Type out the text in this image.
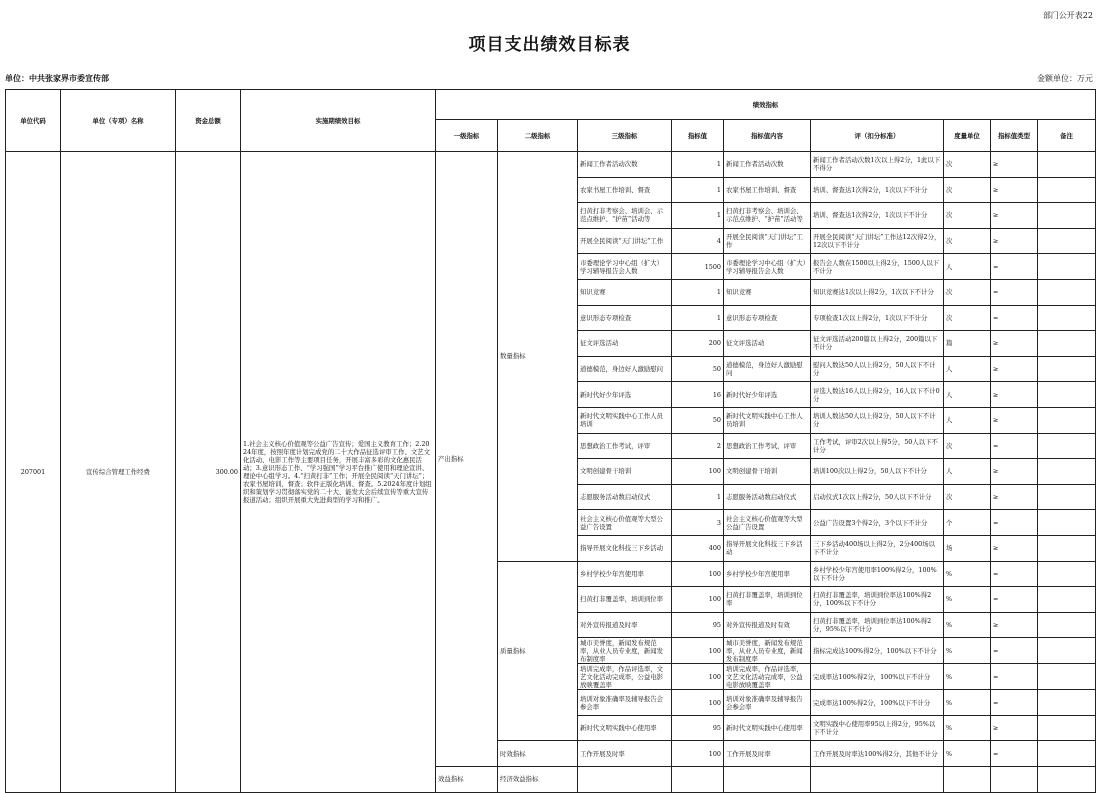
部门公开表22
项目支出绩效目标表
单位：中共张家界市委宣传部	金额单位：万元
单位代码	单位（专项）名称	资金总额	实施期绩效目标	绩效指标								
				一级指标	二级指标	三级指标	指标值	指标值内容	评（扣分标准）	度量单位	指标值类型	备注

207001	宣传综合管理工作经费	300.00	1.社会主义核心价值观等公益广告宣传；爱国主义教育工作；2.2024年度，按照年度计划完成党的二十大作品征选评审工作、文艺文化活动、电影工作等主要项目任务，开展丰富多彩的文化惠民活动；3.意识形态工作、“学习强国”学习平台推广使用和理论宣讲、理论中心组学习。4.“扫黄打非”工作；开展全民阅读“天门讲坛”；农家书屋培训、督查；软件正版化培训、督查。5.2024年度计划组织和策划学习贯彻落实党的二十大、能发大会后续宣传等重大宣传报道活动；组织开展重大先进典型的学习和推广。	产出指标	数量指标	新闻工作者活动次数	1	新闻工作者活动次数	新闻工作者活动次数1次以上得2分，1此以下不得分	次	≥	

						农家书屋工作培训、督查	1	农家书屋工作培训、督查	培训、督查达1次得2分，1次以下不计分	次	≥	

						扫黄打非考察会、培训会、示范点维护、“护苗”活动等	1	扫黄打非考察会、培训会、示范点维护、“护苗”活动等	培训、督查达1次得2分，1次以下不计分	次	≥	

						开展全民阅读“天门讲坛”工作	4	开展全民阅读“天门讲坛”工作	开展全民阅读“天门讲坛”工作达12次得2分，12次以下不计分	次	≥	

						市委理论学习中心组（扩大）学习辅导报告会人数	1500	市委理论学习中心组（扩大）学习辅导报告会人数	报告会人数在1500以上得2分，1500人以下不计分	人	=	

						知识竞赛	1	知识竞赛	知识竞赛达1次以上得2分，1次以下不计分	次	=	

						意识形态专项检查	1	意识形态专项检查	专项检查1次以上得2分，1次以下不计分	次	=	

						征文评选活动	200	征文评选活动	征文评选活动200篇以上得2分，200篇以下不计分	篇	≥	

						道德模范，身边好人激励慰问	50	道德模范，身边好人激励慰问	慰问人数达50人以上得2分，50人以下不计分	人	≥	

						新时代好少年评选	16	新时代好少年评选	评选人数达16人以上得2分，16人以下不计0分	人	≥	

						新时代文明实践中心工作人员培训	50	新时代文明实践中心工作人员培训	培训人数达50人以上得2分，50人以下不计分	人	≥	

						思想政治工作考试，评审	2	思想政治工作考试，评审	工作考试，评审2次以上得5分，50人以下不计分	次	=	

						文明创建骨干培训	100	文明创建骨干培训	培训100次以上得2分，50人以下不计分	人	≥	

						志愿服务活动数启动仪式	1	志愿服务活动数启动仪式	启动仪式1次以上得2分，50人以下不计分	次	≥	

						社会主义核心价值观等大型公益广告设置	3	社会主义核心价值观等大型公益广告设置	公益广告设置3个得2分，3个以下不计分	个	=	

						指导开展文化科技三下乡活动	400	指导开展文化科技三下乡活动	三下乡活动400场以上得2分，2分400场以下不计分	场	≥	

					质量指标	乡村学校少年宫使用率	100	乡村学校少年宫使用率	乡村学校少年宫使用率100%得2分，100%以下不计分	%	=	

						扫黄打非覆盖率，培训到位率	100	扫黄打非覆盖率，培训到位率	扫黄打非覆盖率，培训到位率达100%得2分，100%以下不计分	%	=	

						对外宣传报道及时率	95	对外宣传报道及时有效	扫黄打非覆盖率，培训到位率达100%得2分，95%以下不计分	%	≥	

						城市美誉度，新闻发布规范率，从业人员专业度，新闻发布制度率	100	城市美誉度，新闻发布规范率，从业人员专业度，新闻发布制度率	指标完成达100%得2分，100%以下不计分	%	=	

						培训完成率，作品评选率，文艺文化活动完成率，公益电影放映覆盖率	100	培训完成率，作品评选率，文艺文化活动完成率，公益电影放映覆盖率	完成率达100%得2分，100%以下不计分	%	=	

						培训对象准确率及辅导报告会参会率	100	培训对象准确率及辅导报告会参会率	完成率达100%得2分，100%以下不计分	%	=	

						新时代文明实践中心使用率	95	新时代文明实践中心使用率	文明实践中心使用率95以上得2分，95%以下不计分	%	≥	

					时效指标	工作开展及时率	100	工作开展及时率	工作开展及时率达100%得2分，其他不计分	%	=	

				效益指标	经济效益指标							
